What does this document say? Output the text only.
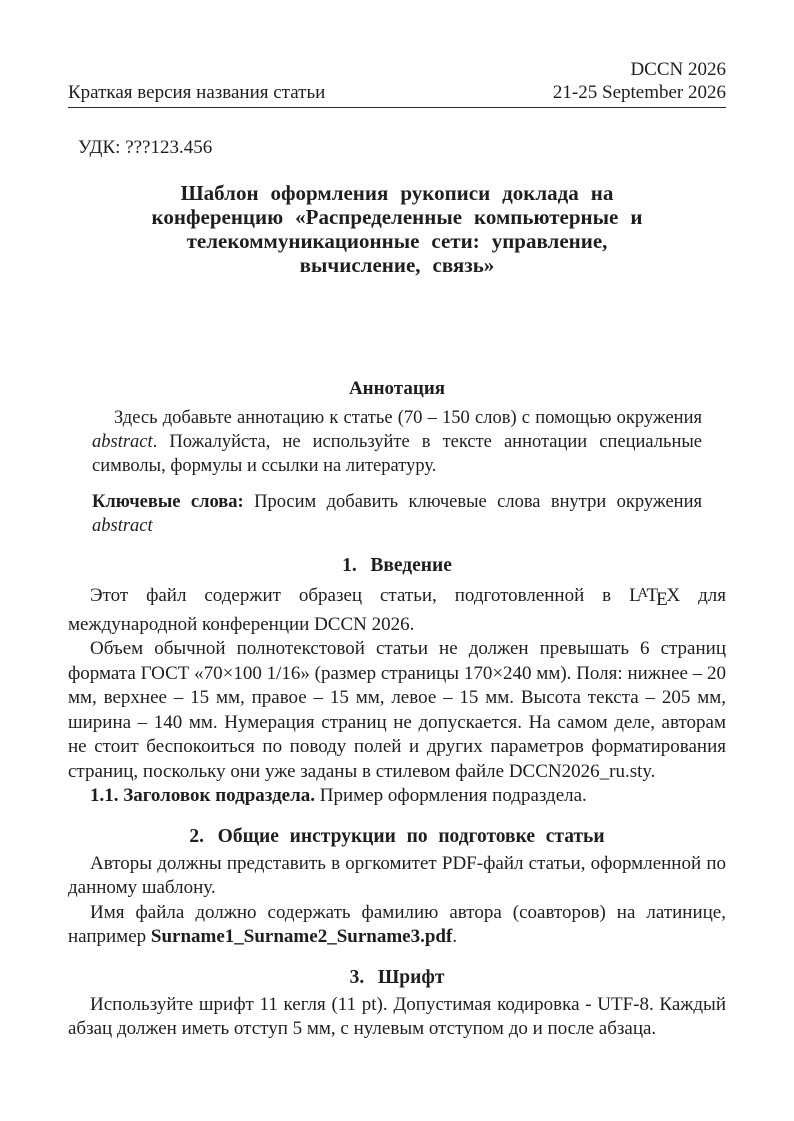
DCCN 2026
Краткая версия названия статьи	21-25 September 2026
УДК: ???123.456
Шаблон оформления рукописи доклада на
конференцию «Распределенные компьютерные и
телекоммуникационные сети: управление,
вычисление, связь»
Аннотация
Здесь добавьте аннотацию к статье (70 – 150 слов) с помощью окружения abstract. Пожалуйста, не используйте в тексте аннотации специальные символы, формулы и ссылки на литературу.
Ключевые слова: Просим добавить ключевые слова внутри окружения abstract
1. Введение

Этот файл содержит образец статьи, подготовленной в $L^ATEX$ для международной конференции DCCN 2026.

Объем обычной полнотекстовой статьи не должен превышать 6 страниц формата ГОСТ «70×100 1/16» (размер страницы 170×240 мм). Поля: нижнее – 20 мм, верхнее – 15 мм, правое – 15 мм, левое – 15 мм. Высота текста – 205 мм, ширина – 140 мм. Нумерация страниц не допускается. На самом деле, авторам не стоит беспокоиться по поводу полей и других параметров форматирования страниц, поскольку они уже заданы в стилевом файле DCCN2026_ru.sty.

1.1. Заголовок подраздела. Пример оформления подраздела.

2. Общие инструкции по подготовке статьи

Авторы должны представить в оргкомитет PDF-файл статьи, оформленной по данному шаблону.

Имя файла должно содержать фамилию автора (соавторов) на латинице, например Surname1_Surname2_Surname3.pdf.

3. Шрифт

Используйте шрифт 11 кегля (11 pt). Допустимая кодировка - UTF-8. Каждый абзац должен иметь отступ 5 мм, с нулевым отступом до и после абзаца.
